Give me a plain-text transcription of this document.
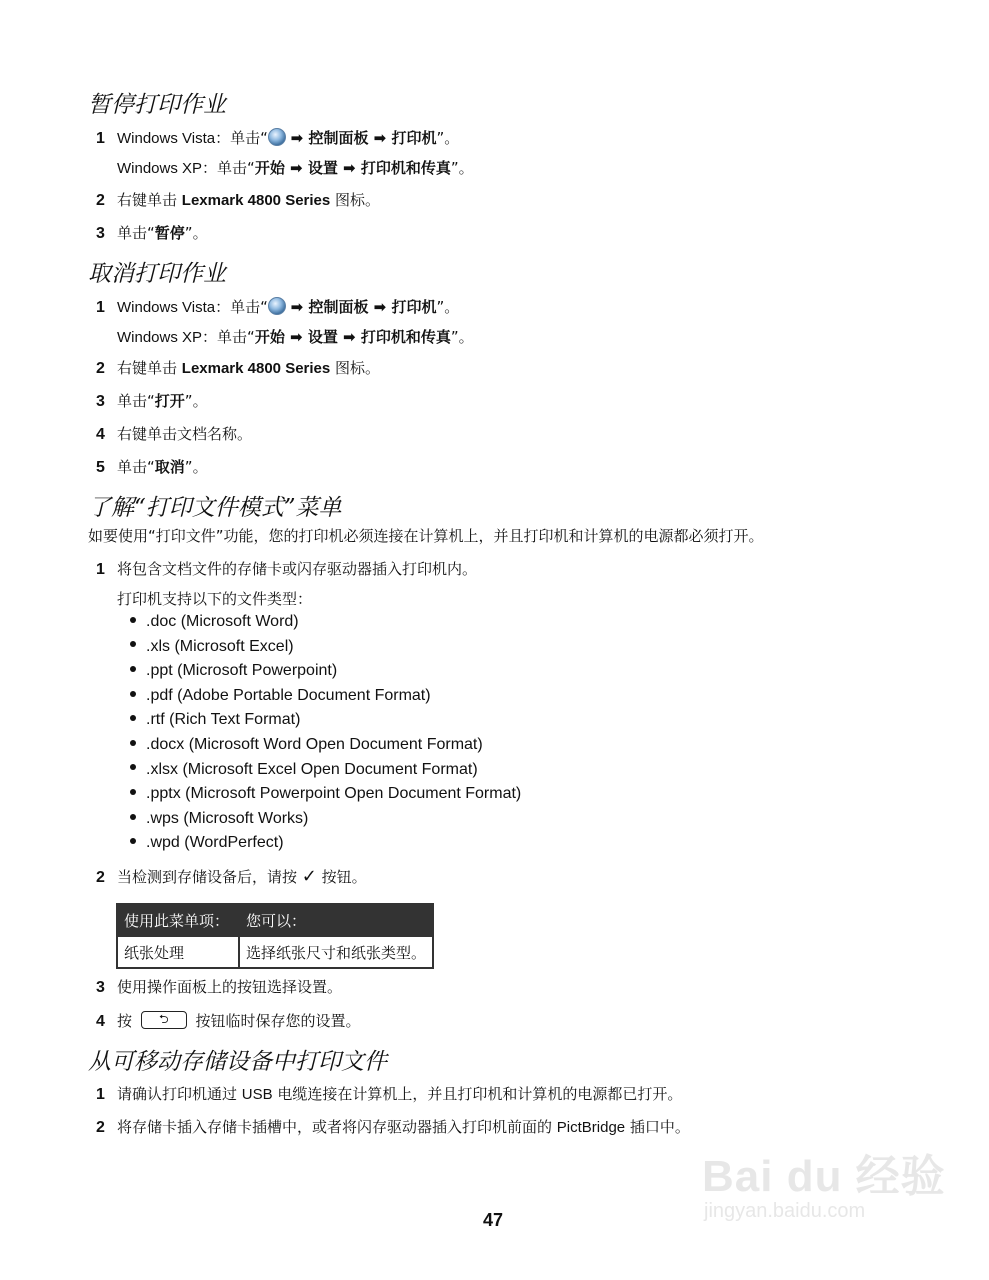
暂停打印作业
1 Windows Vista：单击“ ➡ 控制面板 ➡ 打印机”。
Windows XP：单击“开始 ➡ 设置 ➡ 打印机和传真”。
2 右键单击 Lexmark 4800 Series 图标。
3 单击“暂停”。
取消打印作业
1 Windows Vista：单击“ ➡ 控制面板 ➡ 打印机”。
Windows XP：单击“开始 ➡ 设置 ➡ 打印机和传真”。
2 右键单击 Lexmark 4800 Series 图标。
3 单击“打开”。
4 右键单击文档名称。
5 单击“取消”。
了解“打印文件模式”菜单
如要使用“打印文件”功能，您的打印机必须连接在计算机上，并且打印机和计算机的电源都必须打开。
1 将包含文档文件的存储卡或闪存驱动器插入打印机内。
打印机支持以下的文件类型：
.doc (Microsoft Word)
.xls (Microsoft Excel)
.ppt (Microsoft Powerpoint)
.pdf (Adobe Portable Document Format)
.rtf (Rich Text Format)
.docx (Microsoft Word Open Document Format)
.xlsx (Microsoft Excel Open Document Format)
.pptx (Microsoft Powerpoint Open Document Format)
.wps (Microsoft Works)
.wpd (WordPerfect)
2 当检测到存储设备后，请按 ✓ 按钮。
使用此菜单项：	您可以：
纸张处理	选择纸张尺寸和纸张类型。
3 使用操作面板上的按钮选择设置。
4 按 ⮌ 按钮临时保存您的设置。
从可移动存储设备中打印文件
1 请确认打印机通过 USB 电缆连接在计算机上，并且打印机和计算机的电源都已打开。
2 将存储卡插入存储卡插槽中，或者将闪存驱动器插入打印机前面的 PictBridge 插口中。
Bai du 经验
jingyan.baidu.com
47
